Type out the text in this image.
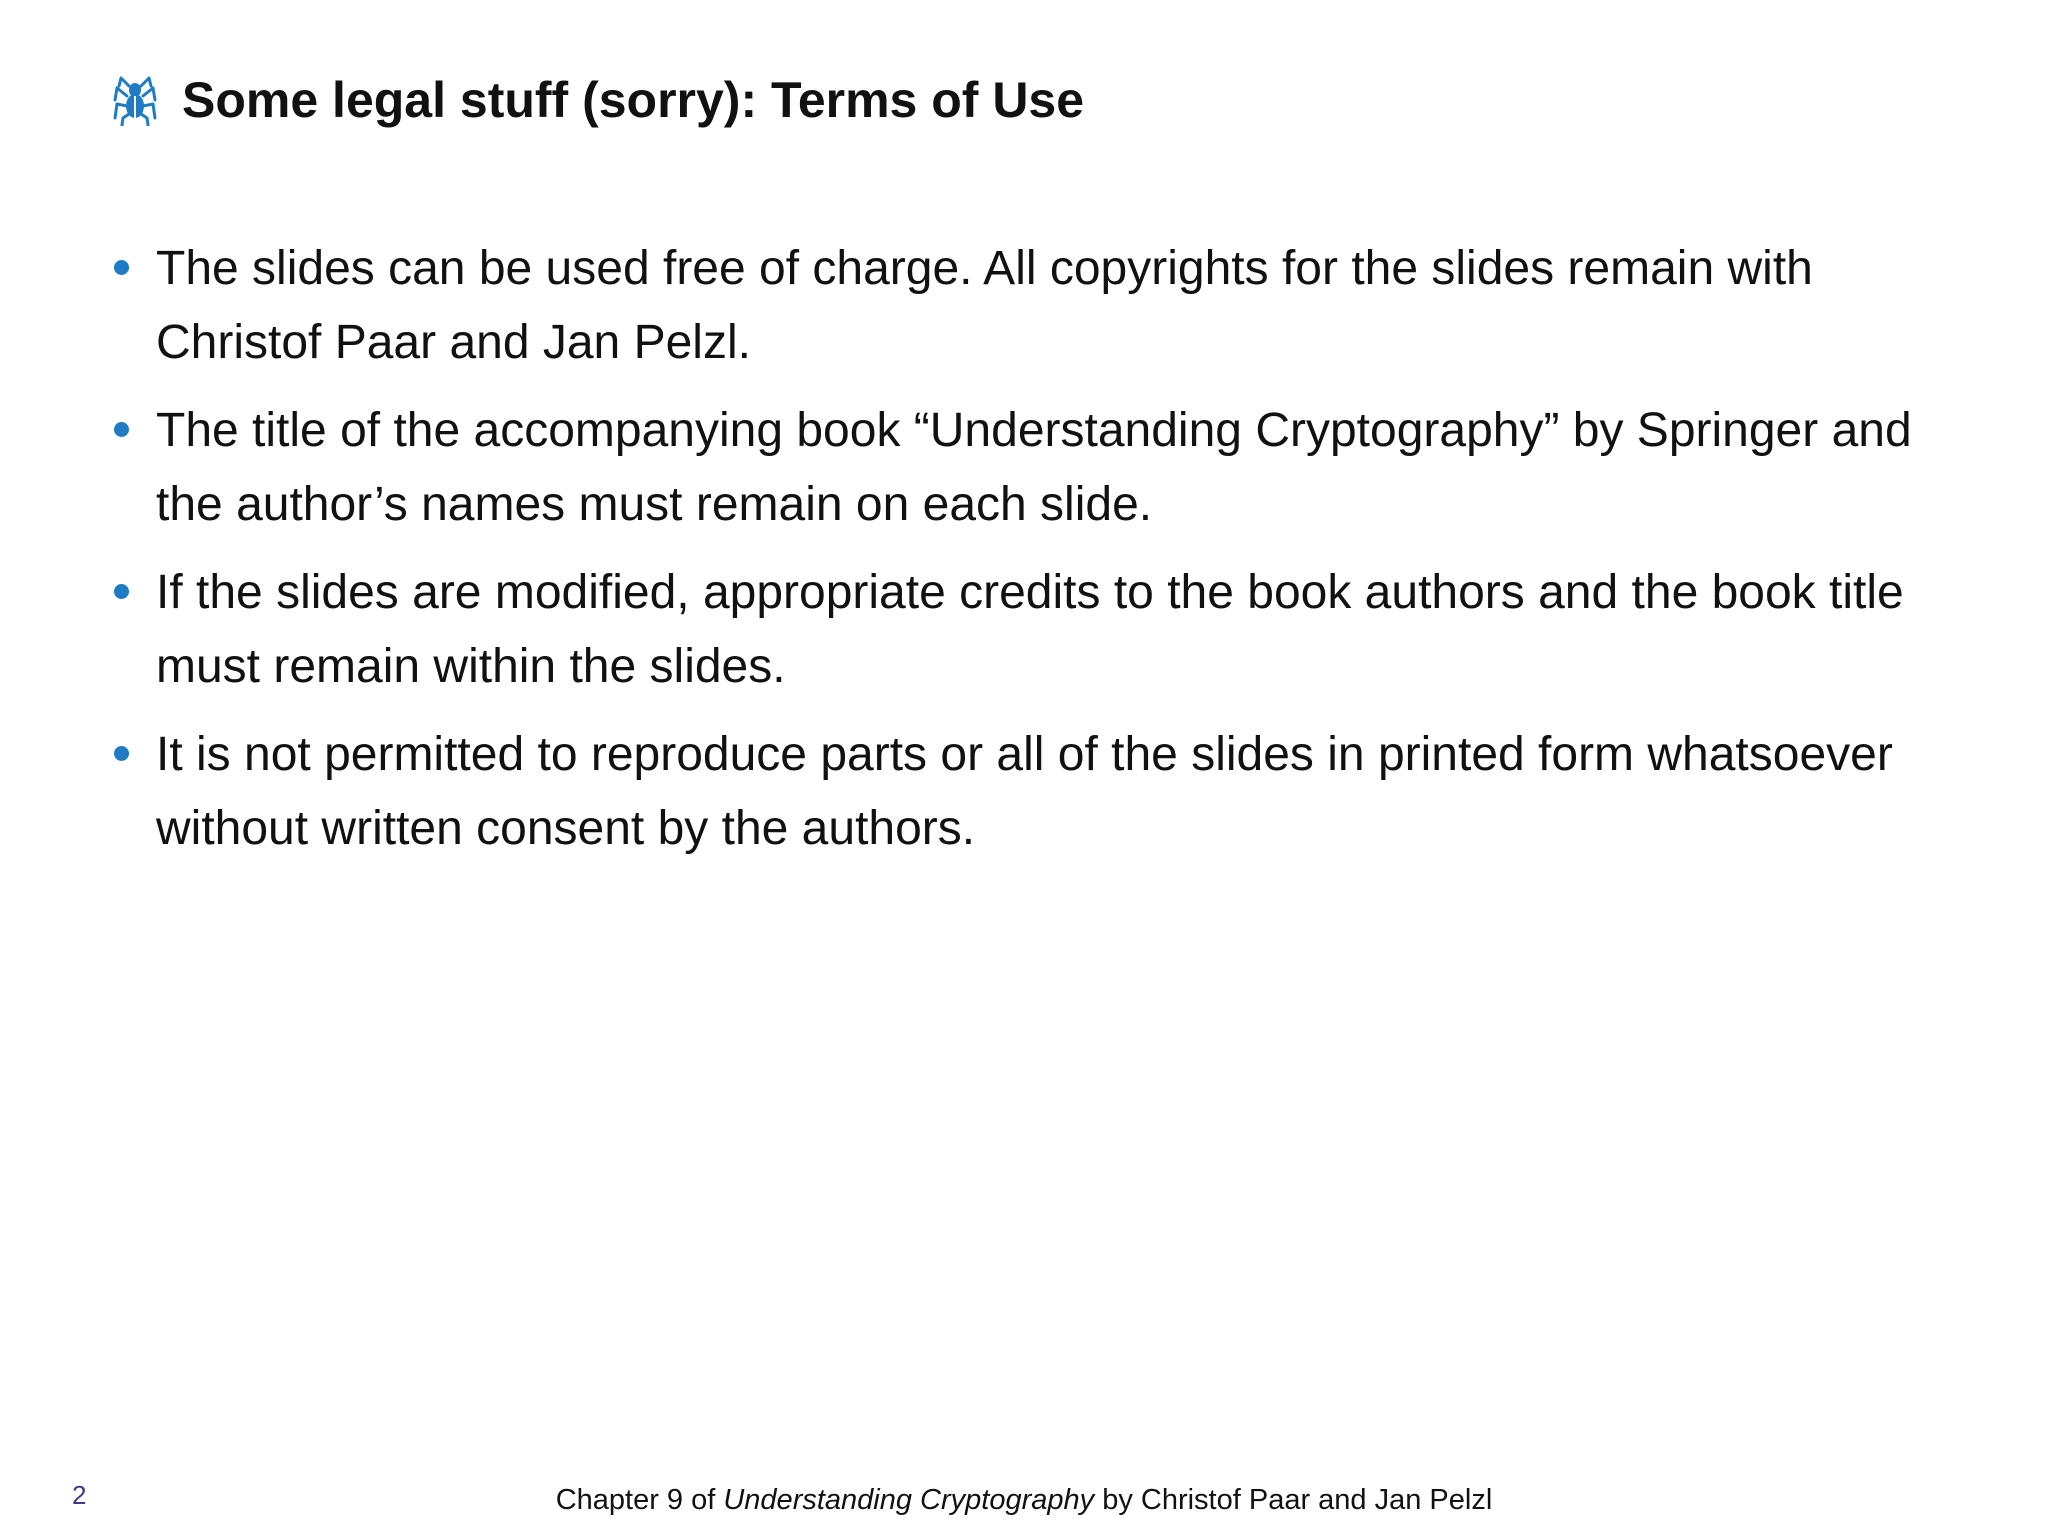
Some legal stuff (sorry): Terms of Use
The slides can be used free of charge. All copyrights for the slides remain with Christof Paar and Jan Pelzl.
The title of the accompanying book “Understanding Cryptography” by Springer and the author’s names must remain on each slide.
If the slides are modified, appropriate credits to the book authors and the book title must remain within the slides.
It is not permitted to reproduce parts or all of the slides in printed form whatsoever without written consent by the authors.
2	Chapter 9 of Understanding Cryptography by Christof Paar and Jan Pelzl
